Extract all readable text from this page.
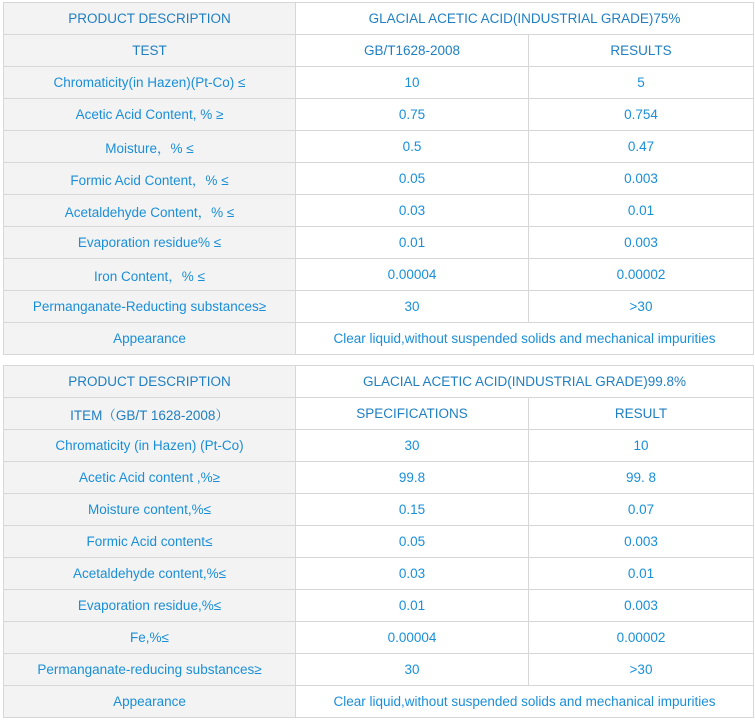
PRODUCT DESCRIPTION	GLACIAL ACETIC ACID(INDUSTRIAL GRADE)75%	
TEST	GB/T1628-2008	RESULTS
Chromaticity(in Hazen)(Pt-Co) ≤	10	5
Acetic Acid Content, % ≥	0.75	0.754
Moisture，% ≤	0.5	0.47
Formic Acid Content，% ≤	0.05	0.003
Acetaldehyde Content，% ≤	0.03	0.01
Evaporation residue% ≤	0.01	0.003
Iron Content，% ≤	0.00004	0.00002
Permanganate-Reducting substances≥	30	>30
Appearance	Clear liquid,without suspended solids and mechanical impurities	
PRODUCT DESCRIPTION	GLACIAL ACETIC ACID(INDUSTRIAL GRADE)99.8%	
ITEM（GB/T 1628-2008）	SPECIFICATIONS	RESULT
Chromaticity (in Hazen) (Pt-Co)	30	10
Acetic Acid content ,%≥	99.8	99. 8
Moisture content,%≤	0.15	0.07
Formic Acid content≤	0.05	0.003
Acetaldehyde content,%≤	0.03	0.01
Evaporation residue,%≤	0.01	0.003
Fe,%≤	0.00004	0.00002
Permanganate-reducing substances≥	30	>30
Appearance	Clear liquid,without suspended solids and mechanical impurities	
